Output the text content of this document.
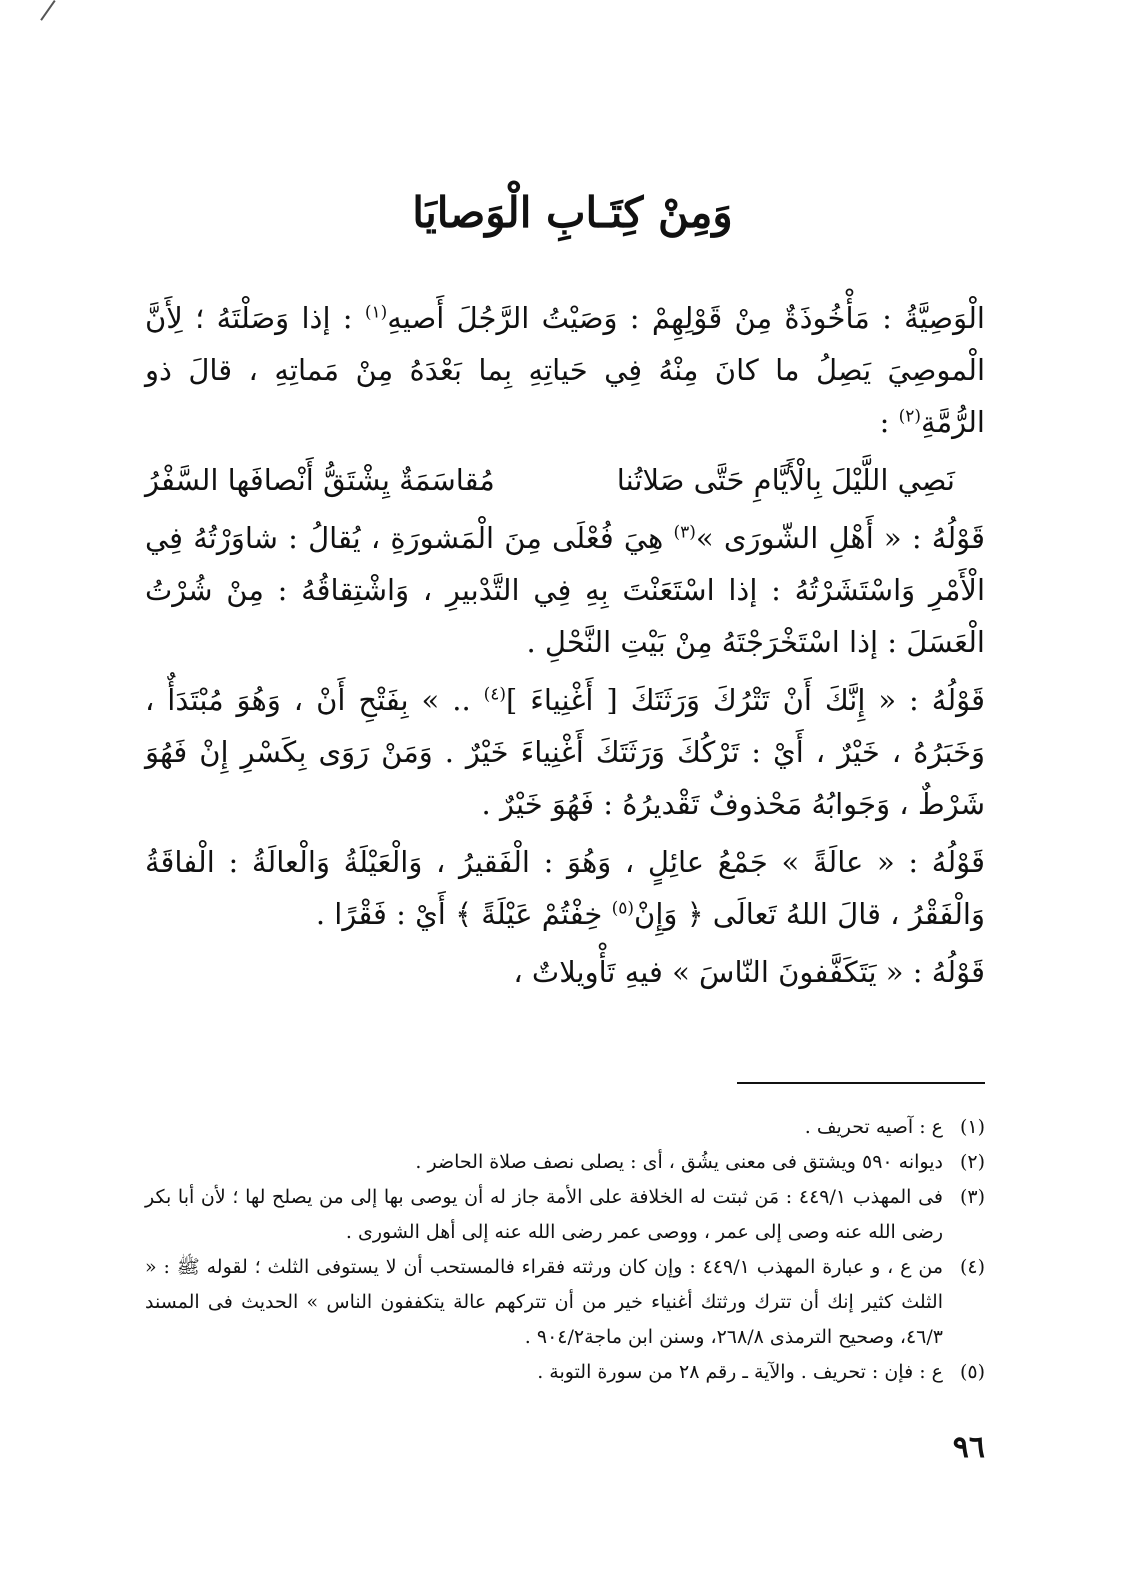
وَمِنْ كِتَـابِ الْوَصايَا

الْوَصِيَّةُ : مَأْخُوذَةٌ مِنْ قَوْلِهِمْ : وَصَيْتُ الرَّجُلَ أَصيهِ$^{(١)}$ : إذا وَصَلْتَهُ ؛ لِأَنَّ الْموصِيَ يَصِلُ ما كانَ مِنْهُ فِي حَياتِهِ بِما بَعْدَهُ مِنْ مَماتِهِ ، قالَ ذو الرُّمَّةِ$^{(٢)}$ :

نَصِي اللَّيْلَ بِالْأَيَّامِ حَتَّى صَلاتُنا
مُقاسَمَةٌ يِشْتَقُّ أَنْصافَها السَّفْرُ

قَوْلُهُ : « أَهْلِ الشّورَى »$^{(٣)}$ هِيَ فُعْلَى مِنَ الْمَشورَةِ ، يُقالُ : شاوَرْتُهُ فِي الْأَمْرِ وَاسْتَشَرْتُهُ : إذا اسْتَعَنْتَ بِهِ فِي التَّدْبيرِ ، وَاشْتِقاقُهُ : مِنْ شُرْتُ الْعَسَلَ : إذا اسْتَخْرَجْتَهُ مِنْ بَيْتِ النَّحْلِ .

قَوْلُهُ : « إِنَّكَ أَنْ تَتْرُكَ وَرَثَتَكَ [ أَغْنِياءَ ]$^{(٤)}$ .. » بِفَتْحِ أَنْ ، وَهُوَ مُبْتَدَأٌ ، وَخَبَرُهُ ، خَيْرٌ ، أَيْ : تَرْكُكَ وَرَثَتَكَ أَغْنِياءَ خَيْرٌ . وَمَنْ رَوَى بِكَسْرِ إِنْ فَهُوَ شَرْطٌ ، وَجَوابُهُ مَحْذوفٌ تَقْديرُهُ : فَهُوَ خَيْرٌ .

قَوْلُهُ : « عالَةً » جَمْعُ عائِلٍ ، وَهُوَ : الْفَقيرُ ، وَالْعَيْلَةُ وَالْعالَةُ : الْفاقَةُ وَالْفَقْرُ ، قالَ اللهُ تَعالَى ﴿ وَإِنْ$^{(٥)}$ خِفْتُمْ عَيْلَةً ﴾ أَيْ : فَقْرًا .

قَوْلُهُ : « يَتَكَفَّفونَ النّاسَ » فيهِ تَأْويلاتٌ ،

(١)
ع : آصيه تحريف .
(٢)
ديوانه ٥٩٠ ويشتق فى معنى يشُق ، أى : يصلى نصف صلاة الحاضر .
(٣)
فى المهذب ٤٤٩/١ : مَن ثبتت له الخلافة على الأمة جاز له أن يوصى بها إلى من يصلح لها ؛ لأن أبا بكر رضى الله عنه وصى إلى عمر ، ووصى عمر رضى الله عنه إلى أهل الشورى .
(٤)
من ع ، و عبارة المهذب ٤٤٩/١ : وإن كان ورثته فقراء فالمستحب أن لا يستوفى الثلث ؛ لقوله ﷺ : « الثلث كثير إنك أن تترك ورثتك أغنياء خير من أن تتركهم عالة يتكففون الناس » الحديث فى المسند ٤٦/٣، وصحيح الترمذى ٢٦٨/٨، وسنن ابن ماجة٩٠٤/٢ .
(٥)
ع : فإن : تحريف . والآية ـ رقم ٢٨ من سورة التوبة .
٩٦
